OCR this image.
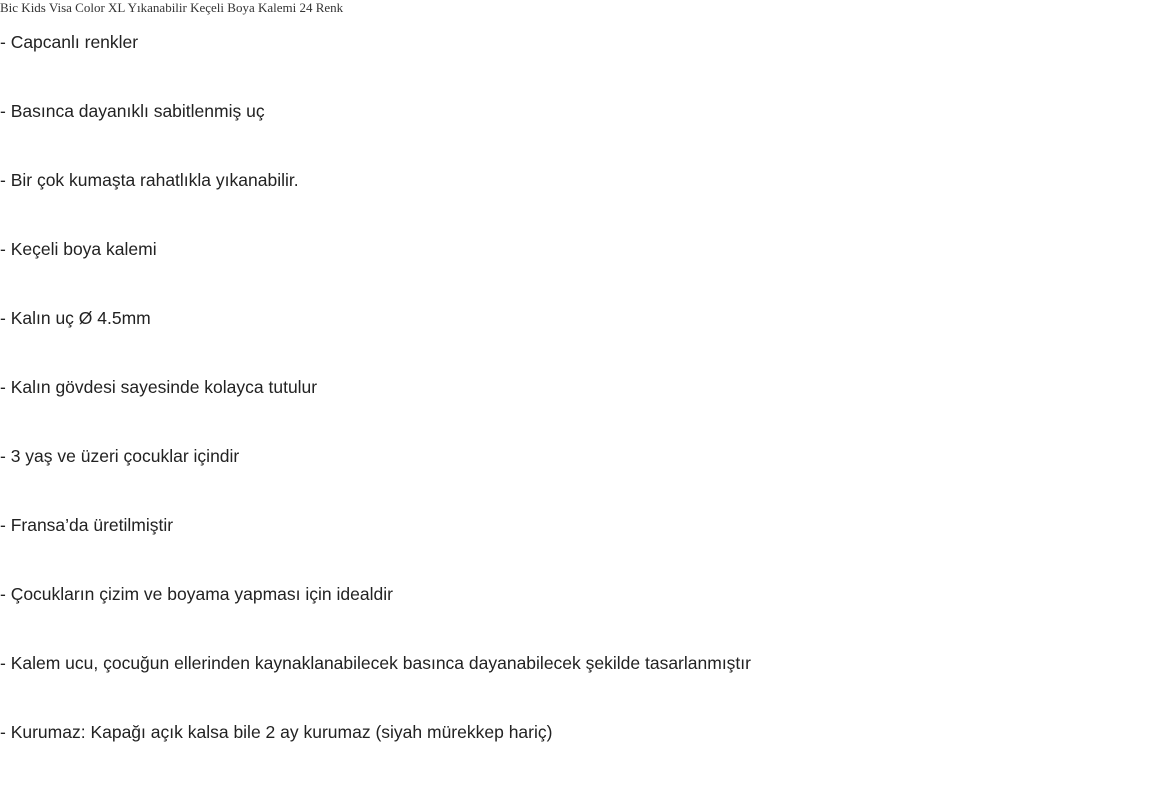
Bic Kids Visa Color XL Yıkanabilir Keçeli Boya Kalemi 24 Renk
- Capcanlı renkler
- Basınca dayanıklı sabitlenmiş uç
- Bir çok kumaşta rahatlıkla yıkanabilir.
- Keçeli boya kalemi
- Kalın uç Ø 4.5mm
- Kalın gövdesi sayesinde kolayca tutulur
- 3 yaş ve üzeri çocuklar içindir
- Fransa’da üretilmiştir
- Çocukların çizim ve boyama yapması için idealdir
- Kalem ucu, çocuğun ellerinden kaynaklanabilecek basınca dayanabilecek şekilde tasarlanmıştır
- Kurumaz: Kapağı açık kalsa bile 2 ay kurumaz (siyah mürekkep hariç)
